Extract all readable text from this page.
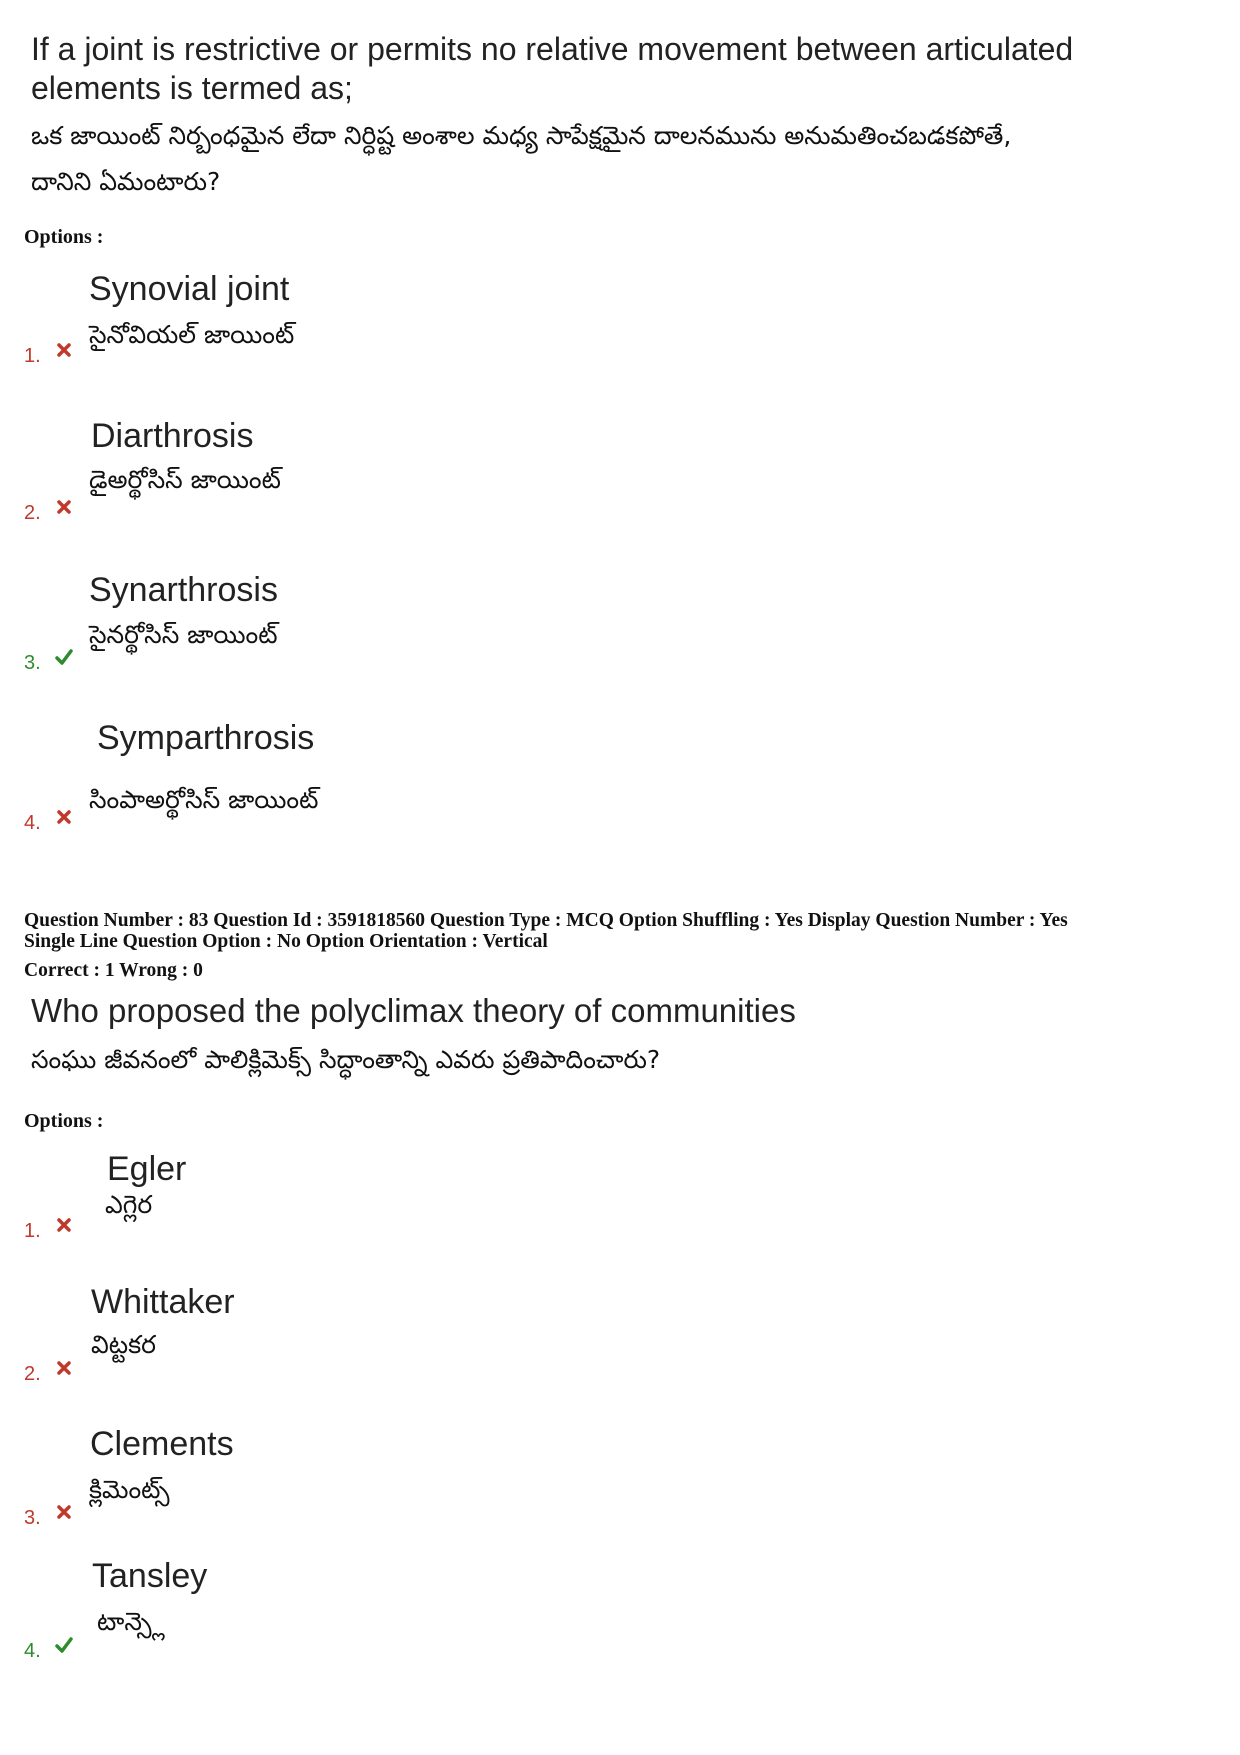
If a joint is restrictive or permits no relative movement between articulated
elements is termed as;
ఒక జాయింట్ నిర్బంధమైన లేదా నిర్ధిష్ట అంశాల మధ్య సాపేక్షమైన దాలనమును అనుమతించబడకపోతే,
దానిని ఏమంటారు?
Options :
Synovial joint
సైనోవియల్ జాయింట్
1.
Diarthrosis
డైఅర్థోసిస్ జాయింట్
2.
Synarthrosis
సైనర్థోసిస్ జాయింట్
3.
Symparthrosis
సింపాఅర్థోసిస్ జాయింట్
4.
Question Number : 83 Question Id : 3591818560 Question Type : MCQ Option Shuffling : Yes Display Question Number : Yes
Single Line Question Option : No Option Orientation : Vertical
Correct : 1 Wrong : 0
Who proposed the polyclimax theory of communities
సంఘు జీవనంలో పాలిక్లిమెక్స్ సిద్ధాంతాన్ని ఎవరు ప్రతిపాదించారు?
Options :
Egler
ఎగ్లెర
1.
Whittaker
విట్టకర
2.
Clements
క్లిమెంట్స్
3.
Tansley
టాన్స్లె
4.
